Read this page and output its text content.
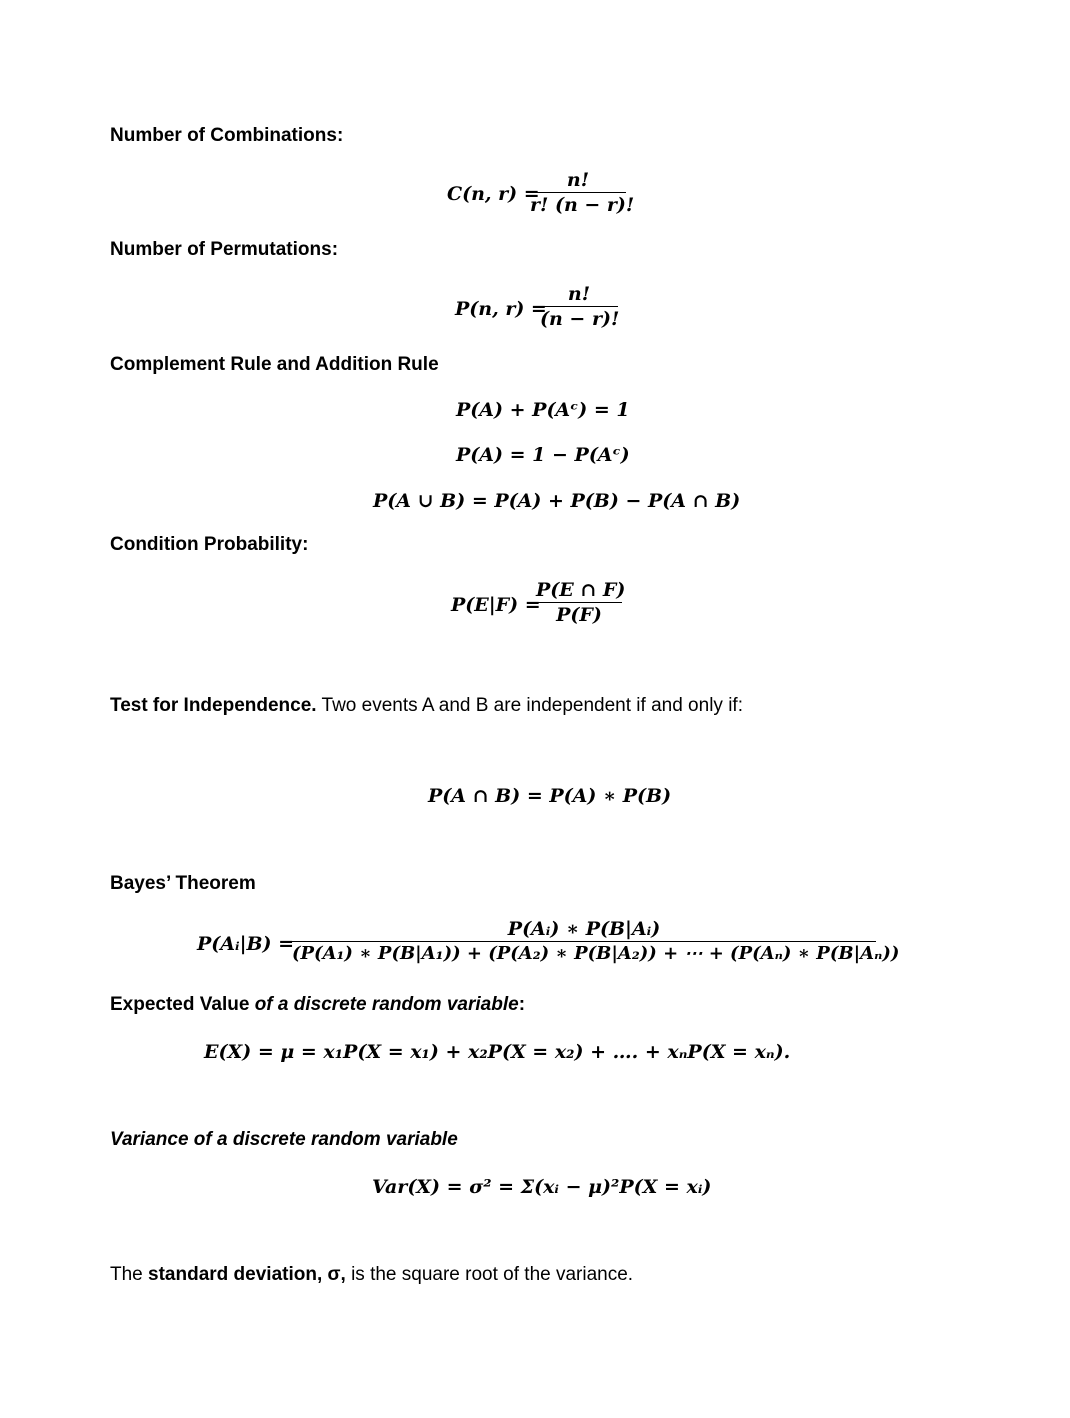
Number of Combinations:
C(n, r) =
n!
r! (n − r)!
Number of Permutations:
P(n, r) =
n!
(n − r)!
Complement Rule and Addition Rule
P(A) + P(Aᶜ) = 1
P(A) = 1 − P(Aᶜ)
P(A ∪ B) = P(A) + P(B) − P(A ∩ B)
Condition Probability:
P(E|F) =
P(E ∩ F)
P(F)
Test for Independence. Two events A and B are independent if and only if:
P(A ∩ B) = P(A) ∗ P(B)
Bayes’ Theorem
P(Aᵢ|B) =
P(Aᵢ) ∗ P(B|Aᵢ)
(P(A₁) ∗ P(B|A₁)) + (P(A₂) ∗ P(B|A₂)) + ⋯ + (P(Aₙ) ∗ P(B|Aₙ))
Expected Value of a discrete random variable:
E(X) = μ = x₁P(X = x₁) + x₂P(X = x₂) + …. + xₙP(X = xₙ).
Variance of a discrete random variable
Var(X) = σ² = Σ(xᵢ − μ)²P(X = xᵢ)
The standard deviation, σ, is the square root of the variance.
